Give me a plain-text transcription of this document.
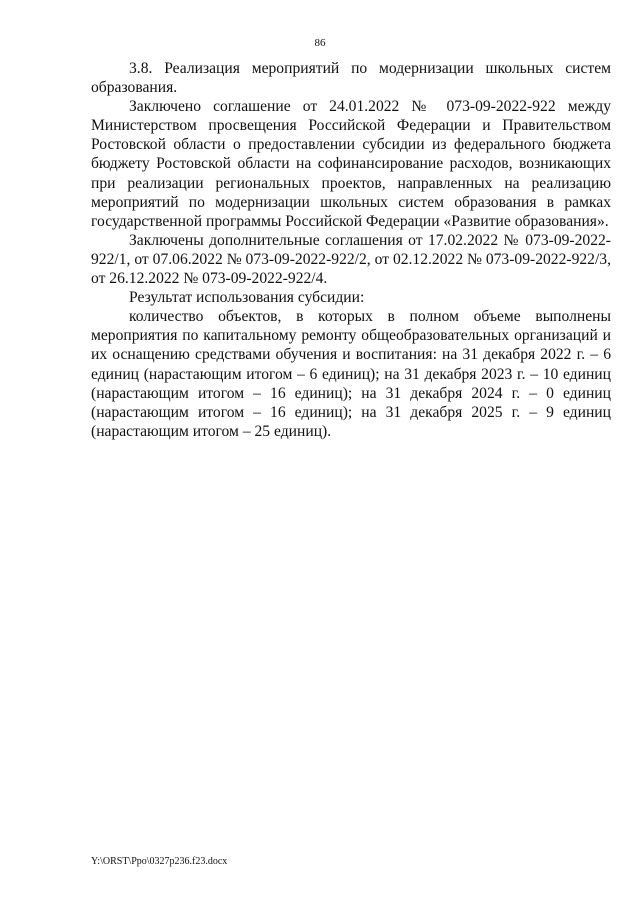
86

3.8. Реализация мероприятий по модернизации школьных систем образования.

Заключено соглашение от 24.01.2022 № 073-09-2022-922 между Министерством просвещения Российской Федерации и Правительством Ростовской области о предоставлении субсидии из федерального бюджета бюджету Ростовской области на софинансирование расходов, возникающих при реализации региональных проектов, направленных на реализацию мероприятий по модернизации школьных систем образования в рамках государственной программы Российской Федерации «Развитие образования».

Заключены дополнительные соглашения от 17.02.2022 № 073-09-2022-922/1, от 07.06.2022 № 073-09-2022-922/2, от 02.12.2022 № 073-09-2022-922/3, от 26.12.2022 № 073-09-2022-922/4.

Результат использования субсидии:

количество объектов, в которых в полном объеме выполнены мероприятия по капитальному ремонту общеобразовательных организаций и их оснащению средствами обучения и воспитания: на 31 декабря 2022 г. – 6 единиц (нарастающим итогом – 6 единиц); на 31 декабря 2023 г. – 10 единиц (нарастающим итогом – 16 единиц); на 31 декабря 2024 г. – 0 единиц (нарастающим итогом – 16 единиц); на 31 декабря 2025 г. – 9 единиц (нарастающим итогом – 25 единиц).

Y:\ORST\Ppo\0327p236.f23.docx
